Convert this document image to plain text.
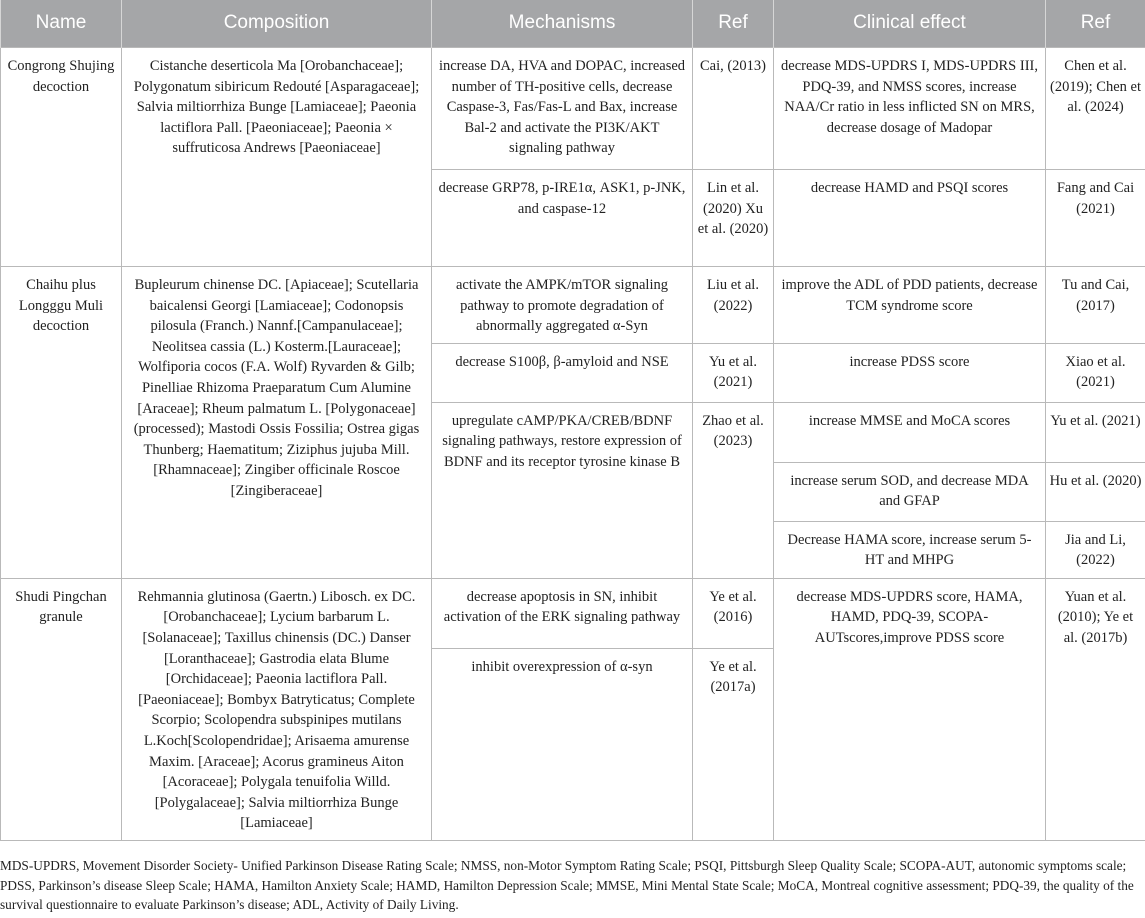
Name	Composition	Mechanisms	Ref	Clinical effect	Ref
Congrong Shujing decoction	Cistanche deserticola Ma [Orobanchaceae]; Polygonatum sibiricum Redouté [Asparagaceae]; Salvia miltiorrhiza Bunge [Lamiaceae]; Paeonia lactiflora Pall. [Paeoniaceae]; Paeonia × suffruticosa Andrews [Paeoniaceae]	increase DA, HVA and DOPAC, increased number of TH-positive cells, decrease Caspase-3, Fas/Fas-L and Bax, increase Bal-2 and activate the PI3K/AKT signaling pathway	Cai, (2013)	decrease MDS-UPDRS I, MDS-UPDRS III, PDQ-39, and NMSS scores, increase NAA/Cr ratio in less inflicted SN on MRS, decrease dosage of Madopar	Chen et al. (2019); Chen et al. (2024)
		decrease GRP78, p-IRE1α, ASK1, p-JNK, and caspase-12	Lin et al. (2020) Xu et al. (2020)	decrease HAMD and PSQI scores	Fang and Cai (2021)
Chaihu plus Longggu Muli decoction	Bupleurum chinense DC. [Apiaceae]; Scutellaria baicalensi Georgi [Lamiaceae]; Codonopsis pilosula (Franch.) Nannf.[Campanulaceae]; Neolitsea cassia (L.) Kosterm.[Lauraceae]; Wolfiporia cocos (F.A. Wolf) Ryvarden & Gilb; Pinelliae Rhizoma Praeparatum Cum Alumine [Araceae]; Rheum palmatum L. [Polygonaceae](processed); Mastodi Ossis Fossilia; Ostrea gigas Thunberg; Haematitum; Ziziphus jujuba Mill.[Rhamnaceae]; Zingiber officinale Roscoe [Zingiberaceae]	activate the AMPK/mTOR signaling pathway to promote degradation of abnormally aggregated α-Syn	Liu et al. (2022)	improve the ADL of PDD patients, decrease TCM syndrome score	Tu and Cai, (2017)
		decrease S100β, β-amyloid and NSE	Yu et al. (2021)	increase PDSS score	Xiao et al. (2021)
		upregulate cAMP/PKA/CREB/BDNF signaling pathways, restore expression of BDNF and its receptor tyrosine kinase B	Zhao et al. (2023)	increase MMSE and MoCA scores	Yu et al. (2021)
				increase serum SOD, and decrease MDA and GFAP	Hu et al. (2020)
				Decrease HAMA score, increase serum 5-HT and MHPG	Jia and Li, (2022)
Shudi Pingchan granule	Rehmannia glutinosa (Gaertn.) Libosch. ex DC. [Orobanchaceae]; Lycium barbarum L.[Solanaceae]; Taxillus chinensis (DC.) Danser [Loranthaceae]; Gastrodia elata Blume [Orchidaceae]; Paeonia lactiflora Pall. [Paeoniaceae]; Bombyx Batryticatus; Complete Scorpio; Scolopendra subspinipes mutilans L.Koch[Scolopendridae]; Arisaema amurense Maxim. [Araceae]; Acorus gramineus Aiton [Acoraceae]; Polygala tenuifolia Willd. [Polygalaceae]; Salvia miltiorrhiza Bunge [Lamiaceae]	decrease apoptosis in SN, inhibit activation of the ERK signaling pathway	Ye et al. (2016)	decrease MDS-UPDRS score, HAMA, HAMD, PDQ-39, SCOPA-AUTscores,improve PDSS score	Yuan et al. (2010); Ye et al. (2017b)
		inhibit overexpression of α-syn	Ye et al. (2017a)		

MDS-UPDRS, Movement Disorder Society- Unified Parkinson Disease Rating Scale; NMSS, non-Motor Symptom Rating Scale; PSQI, Pittsburgh Sleep Quality Scale; SCOPA-AUT, autonomic symptoms scale; PDSS, Parkinson’s disease Sleep Scale; HAMA, Hamilton Anxiety Scale; HAMD, Hamilton Depression Scale; MMSE, Mini Mental State Scale; MoCA, Montreal cognitive assessment; PDQ-39, the quality of the survival questionnaire to evaluate Parkinson’s disease; ADL, Activity of Daily Living.
